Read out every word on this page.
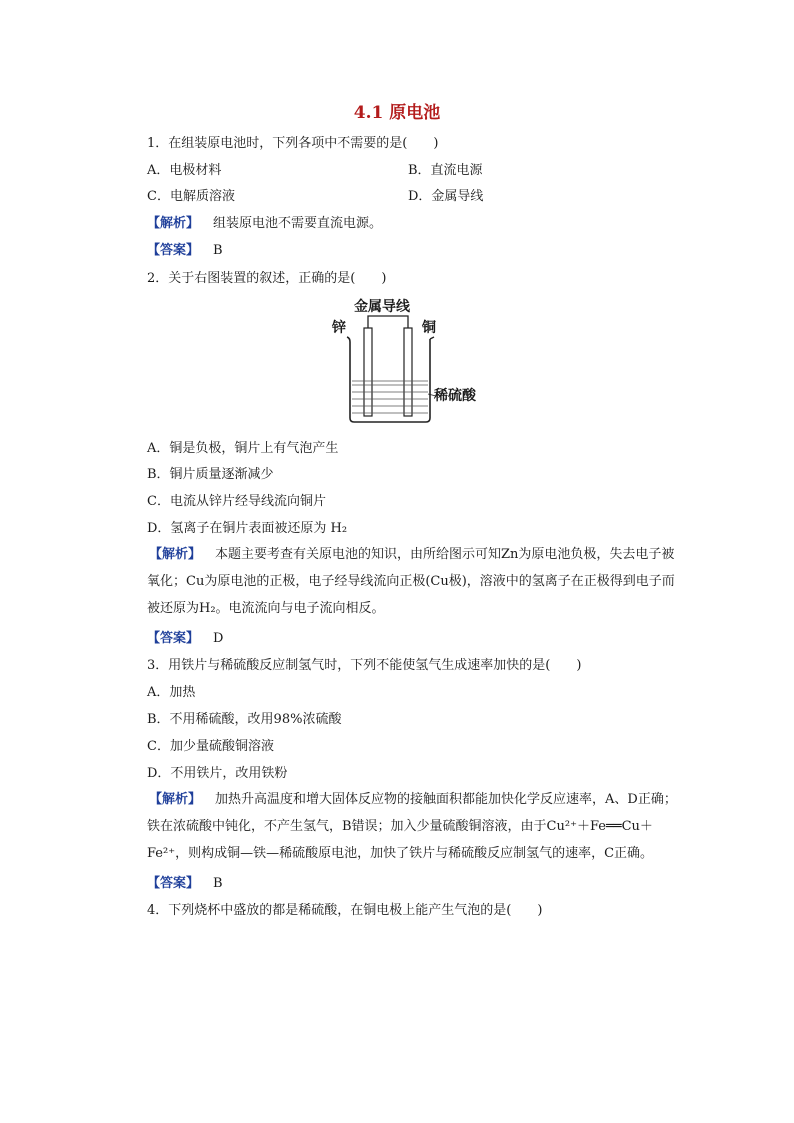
4.1 原电池
1．在组装原电池时，下列各项中不需要的是(　　)
A．电极材料	B．直流电源
C．电解质溶液	D．金属导线
【解析】 组装原电池不需要直流电源。
【答案】 B
2．关于右图装置的叙述，正确的是(　　)
金属导线
锌	铜
稀硫酸
A．铜是负极，铜片上有气泡产生
B．铜片质量逐渐减少
C．电流从锌片经导线流向铜片
D．氢离子在铜片表面被还原为 H₂
【解析】 本题主要考查有关原电池的知识，由所给图示可知Zn为原电池负极，失去电子被氧化；Cu为原电池的正极，电子经导线流向正极(Cu极)，溶液中的氢离子在正极得到电子而被还原为H₂。电流流向与电子流向相反。
【答案】 D
3．用铁片与稀硫酸反应制氢气时，下列不能使氢气生成速率加快的是(　　)
A．加热
B．不用稀硫酸，改用98%浓硫酸
C．加少量硫酸铜溶液
D．不用铁片，改用铁粉
【解析】 加热升高温度和增大固体反应物的接触面积都能加快化学反应速率，A、D正确；铁在浓硫酸中钝化，不产生氢气，B错误；加入少量硫酸铜溶液，由于Cu²⁺＋Fe══Cu＋Fe²⁺，则构成铜—铁—稀硫酸原电池，加快了铁片与稀硫酸反应制氢气的速率，C正确。
【答案】 B
4．下列烧杯中盛放的都是稀硫酸，在铜电极上能产生气泡的是(　　)
